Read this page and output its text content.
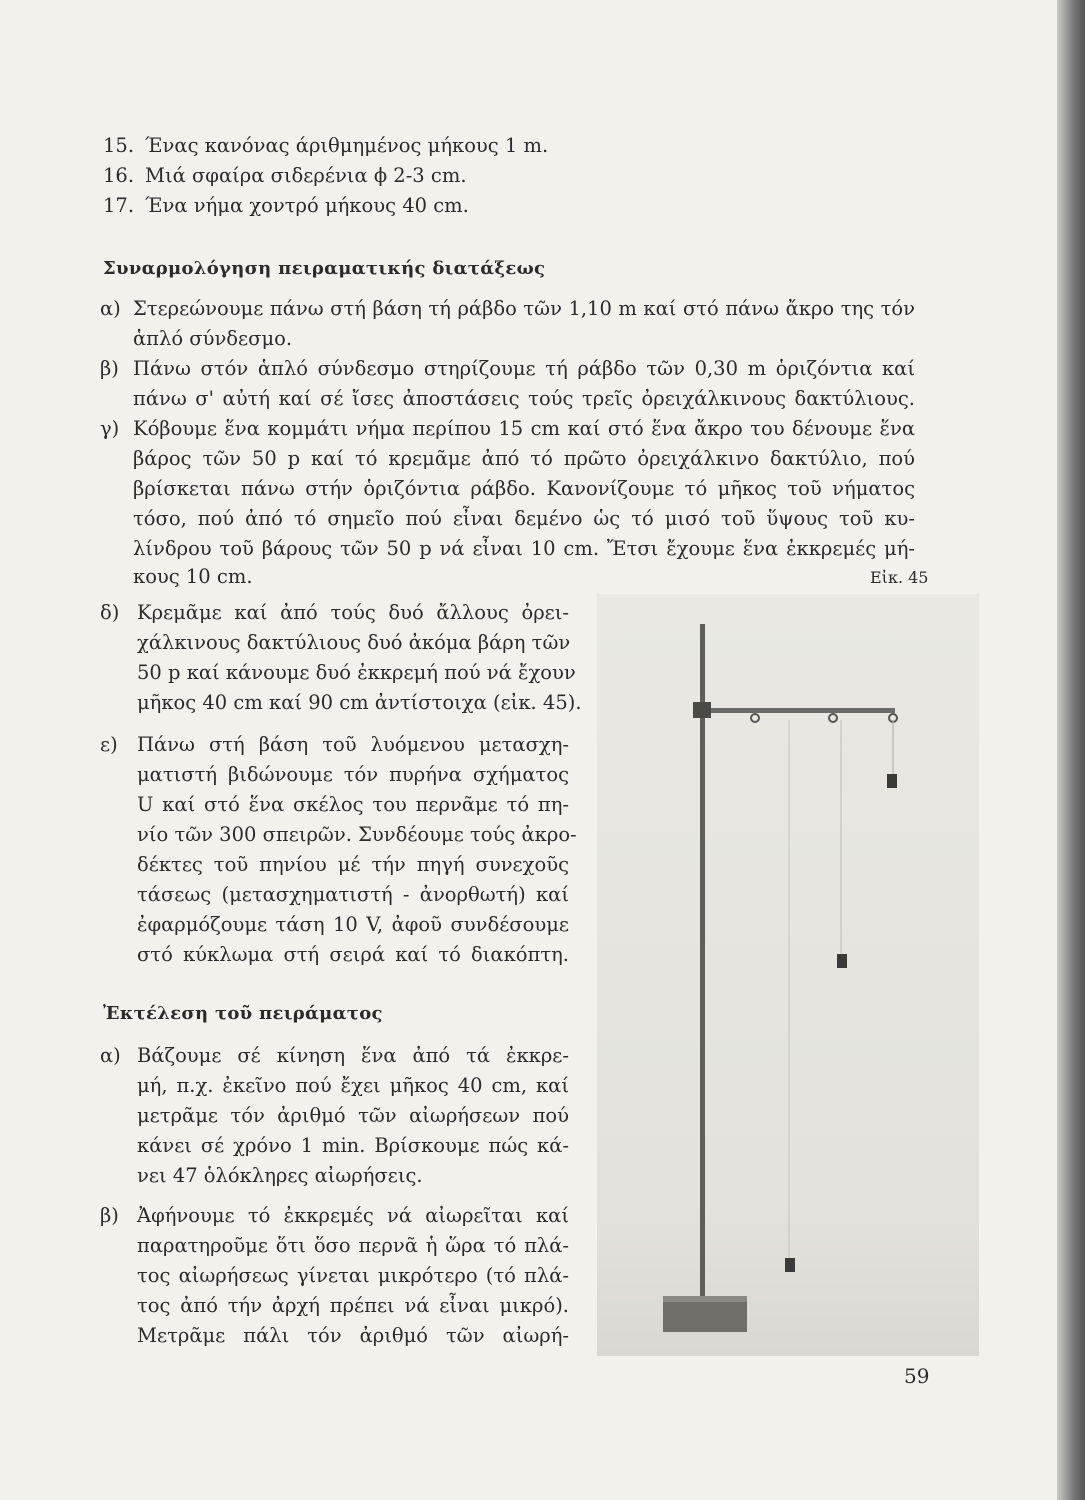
15. Ένας κανόνας άριθμημένος μήκους 1 m.
16. Μιά σφαίρα σιδερένια ϕ 2-3 cm.
17. Ένα νήμα χοντρό μήκους 40 cm.
Συναρμολόγηση πειραματικής διατάξεως
α) Στερεώνουμε πάνω στή βάση τή ράβδο τῶν 1,10 m καί στό πάνω ἄκρο της τόν
ἁπλό σύνδεσμο.
β) Πάνω στόν ἁπλό σύνδεσμο στηρίζουμε τή ράβδο τῶν 0,30 m ὁριζόντια καί
πάνω σ' αὐτή καί σέ ἴσες ἀποστάσεις τούς τρεῖς ὀρειχάλκινους δακτύλιους.
γ) Κόβουμε ἕνα κομμάτι νήμα περίπου 15 cm καί στό ἕνα ἄκρο του δένουμε ἕνα
βάρος τῶν 50 p καί τό κρεμᾶμε ἀπό τό πρῶτο ὀρειχάλκινο δακτύλιο, πού
βρίσκεται πάνω στήν ὁριζόντια ράβδο. Κανονίζουμε τό μῆκος τοῦ νήματος
τόσο, πού ἀπό τό σημεῖο πού εἶναι δεμένο ὡς τό μισό τοῦ ὕψους τοῦ κυ-
λίνδρου τοῦ βάρους τῶν 50 p νά εἶναι 10 cm. Ἔτσι ἔχουμε ἕνα ἐκκρεμές μή-
κους 10 cm.	Εἰκ. 45
δ) Κρεμᾶμε καί ἀπό τούς δυό ἄλλους ὀρει-
χάλκινους δακτύλιους δυό ἀκόμα βάρη τῶν
50 p καί κάνουμε δυό ἐκκρεμή πού νά ἔχουν
μῆκος 40 cm καί 90 cm ἀντίστοιχα (εἰκ. 45).
ε) Πάνω στή βάση τοῦ λυόμενου μετασχη-
ματιστή βιδώνουμε τόν πυρήνα σχήματος
U καί στό ἕνα σκέλος του περνᾶμε τό πη-
νίο τῶν 300 σπειρῶν. Συνδέουμε τούς ἀκρο-
δέκτες τοῦ πηνίου μέ τήν πηγή συνεχοῦς
τάσεως (μετασχηματιστή - ἀνορθωτή) καί
ἐφαρμόζουμε τάση 10 V, ἀφοῦ συνδέσουμε
στό κύκλωμα στή σειρά καί τό διακόπτη.
Ἐκτέλεση τοῦ πειράματος
α) Βάζουμε σέ κίνηση ἕνα ἀπό τά ἐκκρε-
μή, π.χ. ἐκεῖνο πού ἔχει μῆκος 40 cm, καί
μετρᾶμε τόν ἀριθμό τῶν αἰωρήσεων πού
κάνει σέ χρόνο 1 min. Βρίσκουμε πώς κά-
νει 47 ὁλόκληρες αἰωρήσεις.
β) Ἀφήνουμε τό ἐκκρεμές νά αἰωρεῖται καί
παρατηροῦμε ὅτι ὅσο περνᾶ ἡ ὥρα τό πλά-
τος αἰωρήσεως γίνεται μικρότερο (τό πλά-
τος ἀπό τήν ἀρχή πρέπει νά εἶναι μικρό).
Μετρᾶμε πάλι τόν ἀριθμό τῶν αἰωρή-
59
